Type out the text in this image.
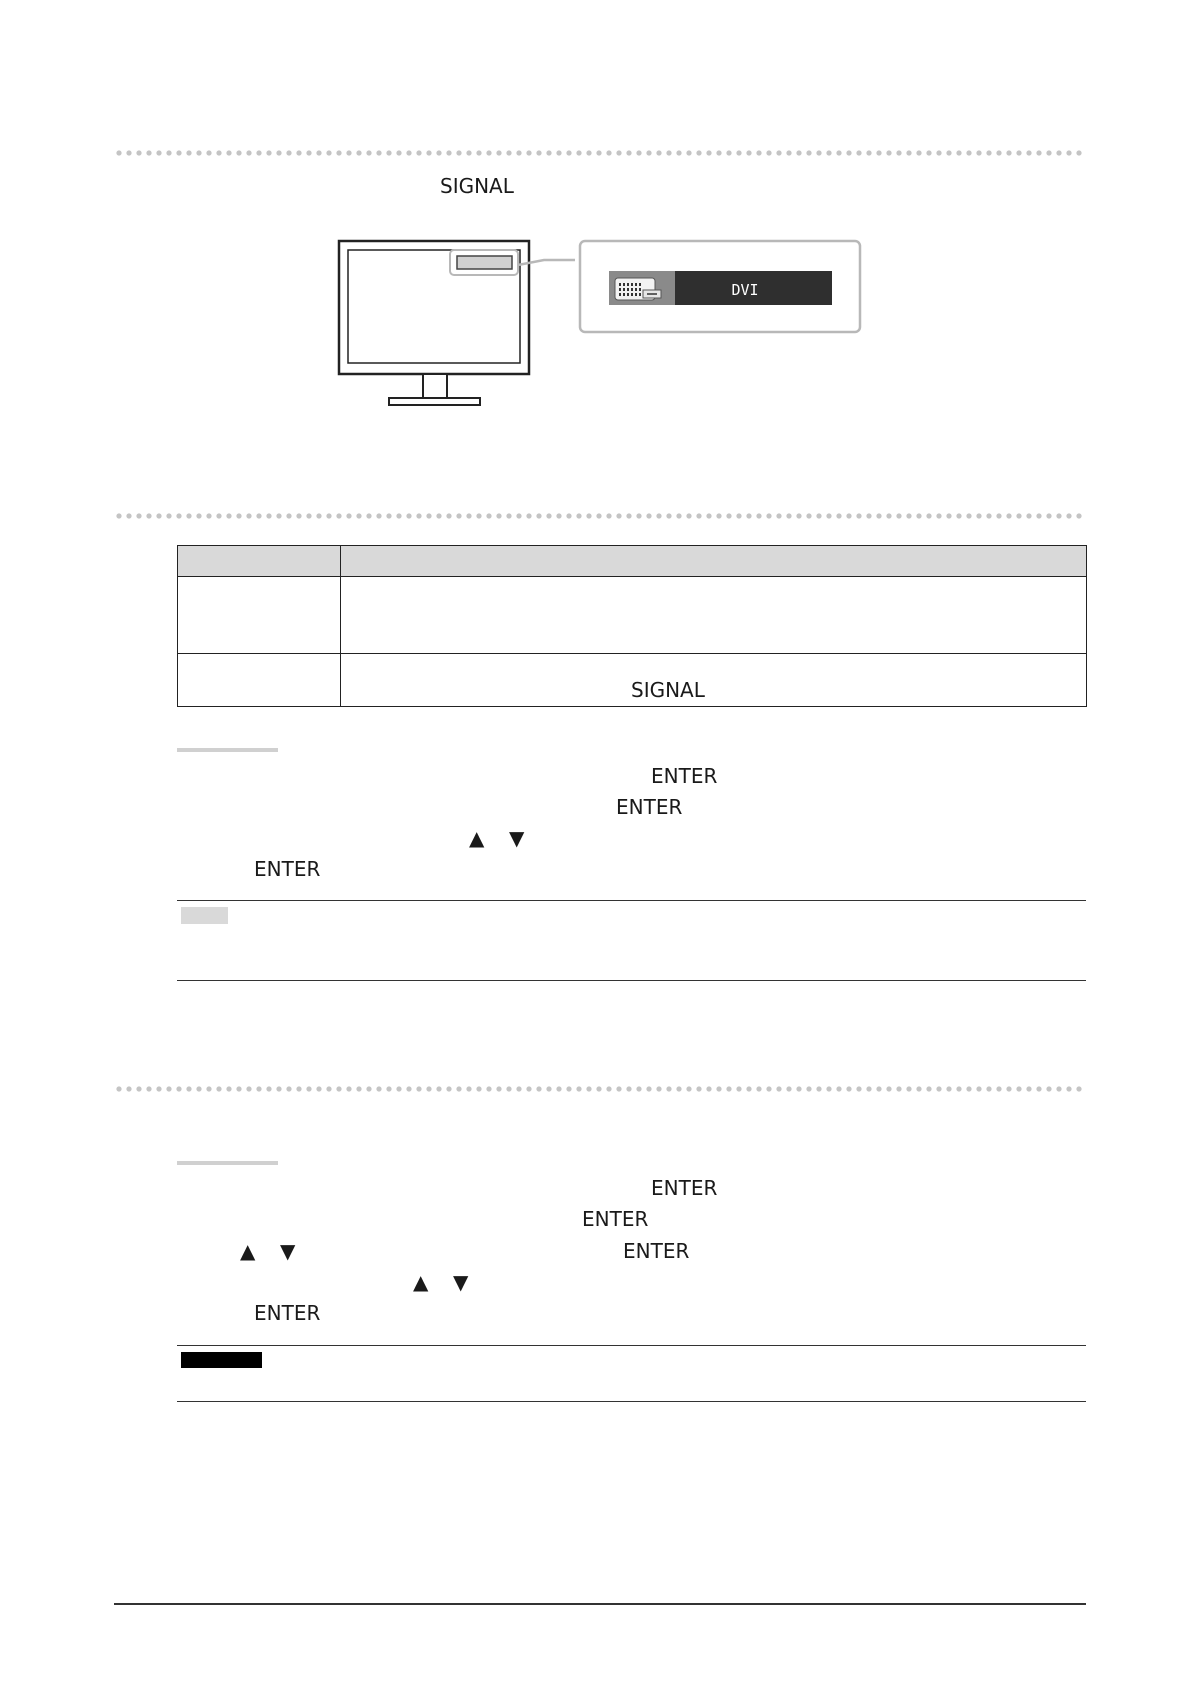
SIGNAL
DVI

	SIGNAL
ENTER
ENTER
▲ ▼
ENTER
ENTER
ENTER
▲ ▼	ENTER
▲ ▼
ENTER
